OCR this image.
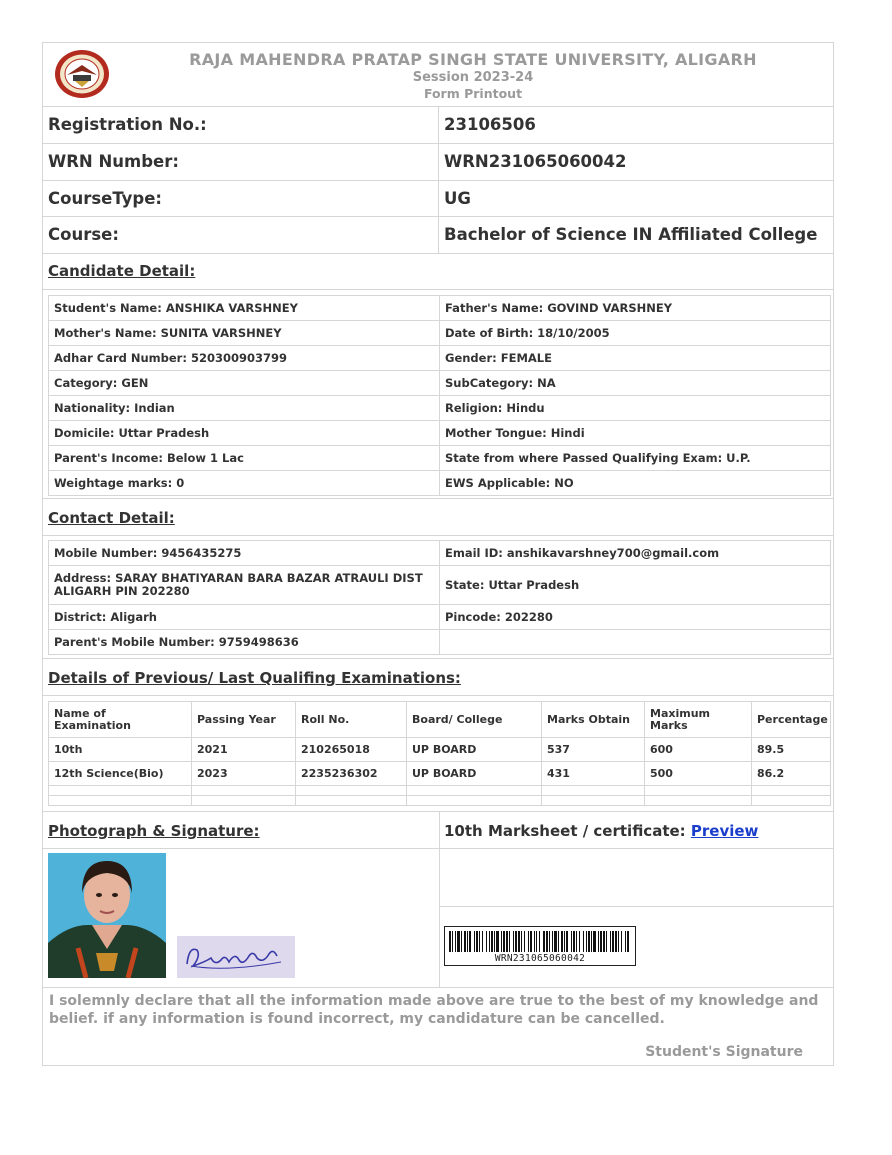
RAJA MAHENDRA PRATAP SINGH STATE UNIVERSITY, ALIGARH
Session 2023-24
Form Printout
Registration No.:	23106506
WRN Number:	WRN231065060042
CourseType:	UG
Course:	Bachelor of Science IN Affiliated College
Candidate Detail:
Student's Name: ANSHIKA VARSHNEY	Father's Name: GOVIND VARSHNEY
Mother's Name: SUNITA VARSHNEY	Date of Birth: 18/10/2005
Adhar Card Number: 520300903799	Gender: FEMALE
Category: GEN	SubCategory: NA
Nationality: Indian	Religion: Hindu
Domicile: Uttar Pradesh	Mother Tongue: Hindi
Parent's Income: Below 1 Lac	State from where Passed Qualifying Exam: U.P.
Weightage marks: 0	EWS Applicable: NO
Contact Detail:
Mobile Number: 9456435275	Email ID: anshikavarshney700@gmail.com
Address: SARAY BHATIYARAN BARA BAZAR ATRAULI DIST ALIGARH PIN 202280	State: Uttar Pradesh
District: Aligarh	Pincode: 202280
Parent's Mobile Number: 9759498636	
Details of Previous/ Last Qualifing Examinations:
Name of Examination	Passing Year	Roll No.	Board/ College	Marks Obtain	Maximum Marks	Percentage
10th	2021	210265018	UP BOARD	537	600	89.5
12th Science(Bio)	2023	2235236302	UP BOARD	431	500	86.2

Photograph & Signature:	10th Marksheet / certificate: Preview
WRN231065060042
I solemnly declare that all the information made above are true to the best of my knowledge and belief. if any information is found incorrect, my candidature can be cancelled.
Student's Signature
